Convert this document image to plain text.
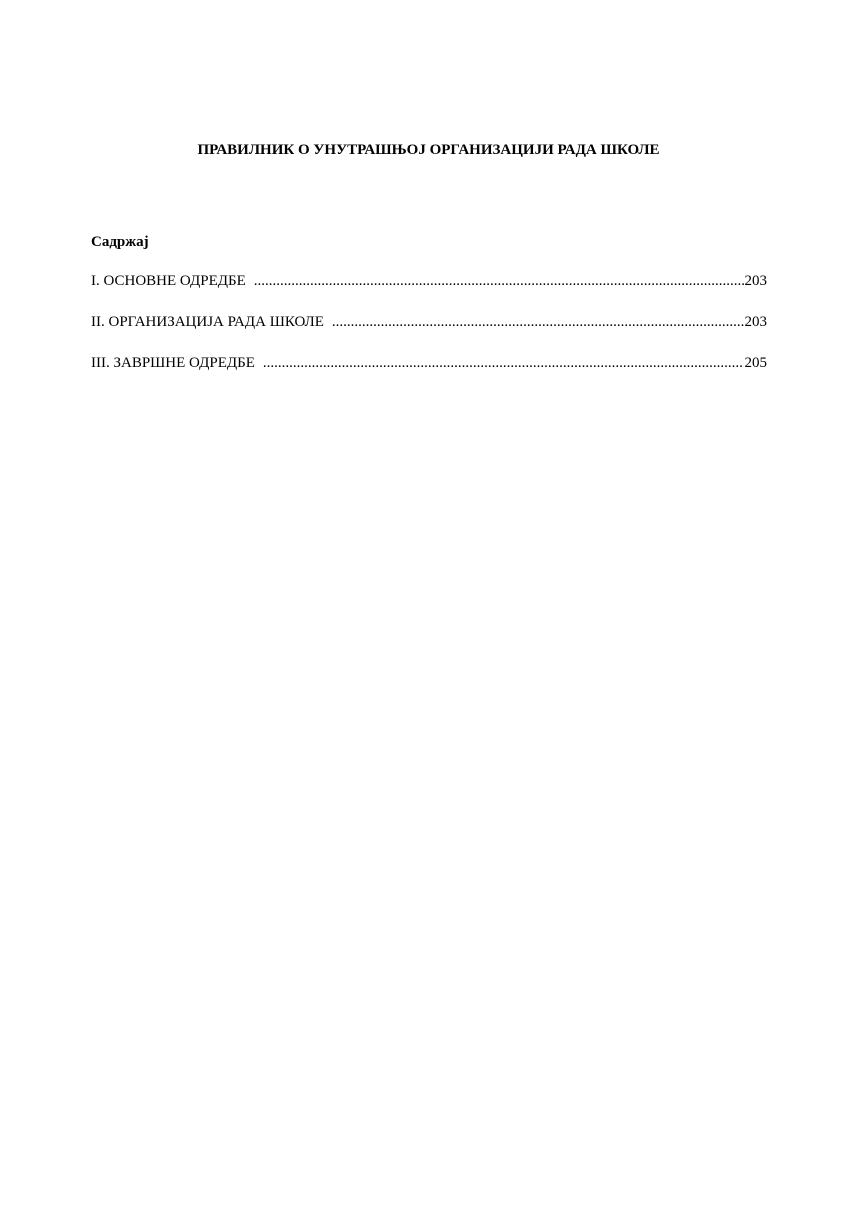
ПРАВИЛНИК О УНУТРАШЊОЈ ОРГАНИЗАЦИЈИ РАДА ШКОЛЕ
Садржај
I. ОСНОВНЕ ОДРЕДБЕ .....	203
II. ОРГАНИЗАЦИЈА РАДА ШКОЛЕ .....	203
III. ЗАВРШНЕ ОДРЕДБЕ .....	205
